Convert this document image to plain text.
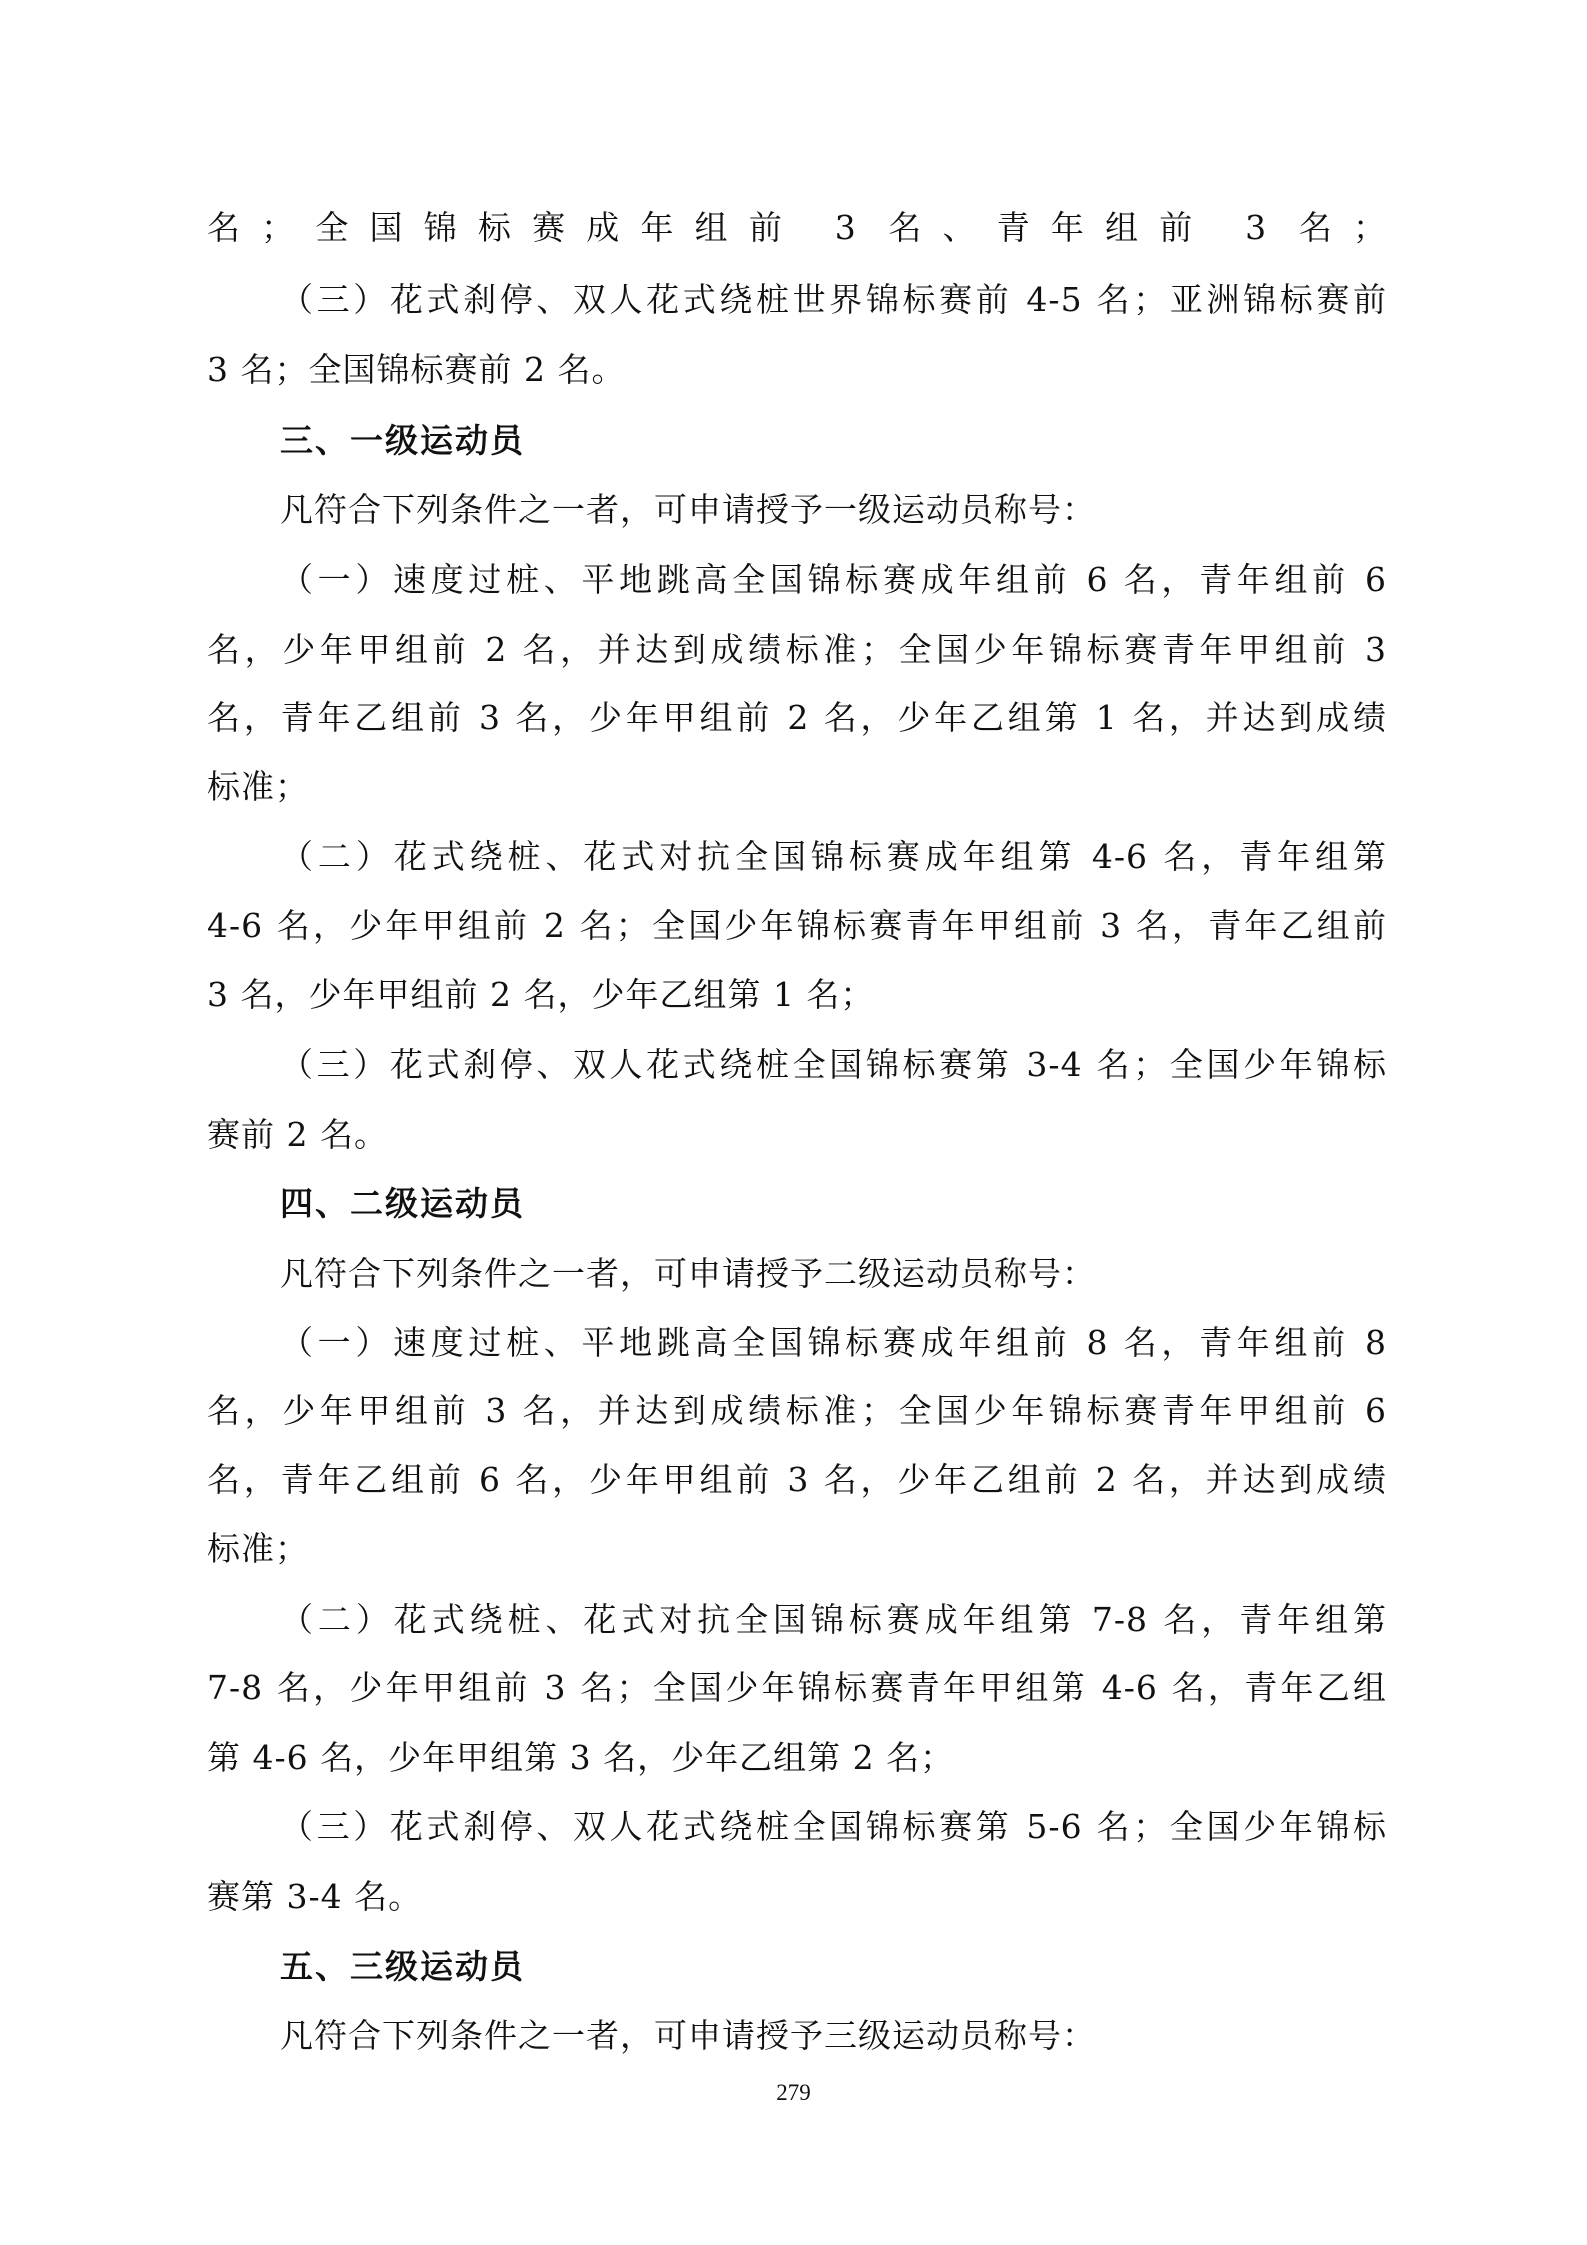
名；全国锦标赛成年组前 3 名、青年组前 3 名；
（三）花式刹停、双人花式绕桩世界锦标赛前 4-5 名；亚洲锦标赛前
3 名；全国锦标赛前 2 名。
三、一级运动员
凡符合下列条件之一者，可申请授予一级运动员称号：
（一）速度过桩、平地跳高全国锦标赛成年组前 6 名，青年组前 6
名，少年甲组前 2 名，并达到成绩标准；全国少年锦标赛青年甲组前 3
名，青年乙组前 3 名，少年甲组前 2 名，少年乙组第 1 名，并达到成绩
标准；
（二）花式绕桩、花式对抗全国锦标赛成年组第 4-6 名，青年组第
4-6 名，少年甲组前 2 名；全国少年锦标赛青年甲组前 3 名，青年乙组前
3 名，少年甲组前 2 名，少年乙组第 1 名；
（三）花式刹停、双人花式绕桩全国锦标赛第 3-4 名；全国少年锦标
赛前 2 名。
四、二级运动员
凡符合下列条件之一者，可申请授予二级运动员称号：
（一）速度过桩、平地跳高全国锦标赛成年组前 8 名，青年组前 8
名，少年甲组前 3 名，并达到成绩标准；全国少年锦标赛青年甲组前 6
名，青年乙组前 6 名，少年甲组前 3 名，少年乙组前 2 名，并达到成绩
标准；
（二）花式绕桩、花式对抗全国锦标赛成年组第 7-8 名，青年组第
7-8 名，少年甲组前 3 名；全国少年锦标赛青年甲组第 4-6 名，青年乙组
第 4-6 名，少年甲组第 3 名，少年乙组第 2 名；
（三）花式刹停、双人花式绕桩全国锦标赛第 5-6 名；全国少年锦标
赛第 3-4 名。
五、三级运动员
凡符合下列条件之一者，可申请授予三级运动员称号：
279
